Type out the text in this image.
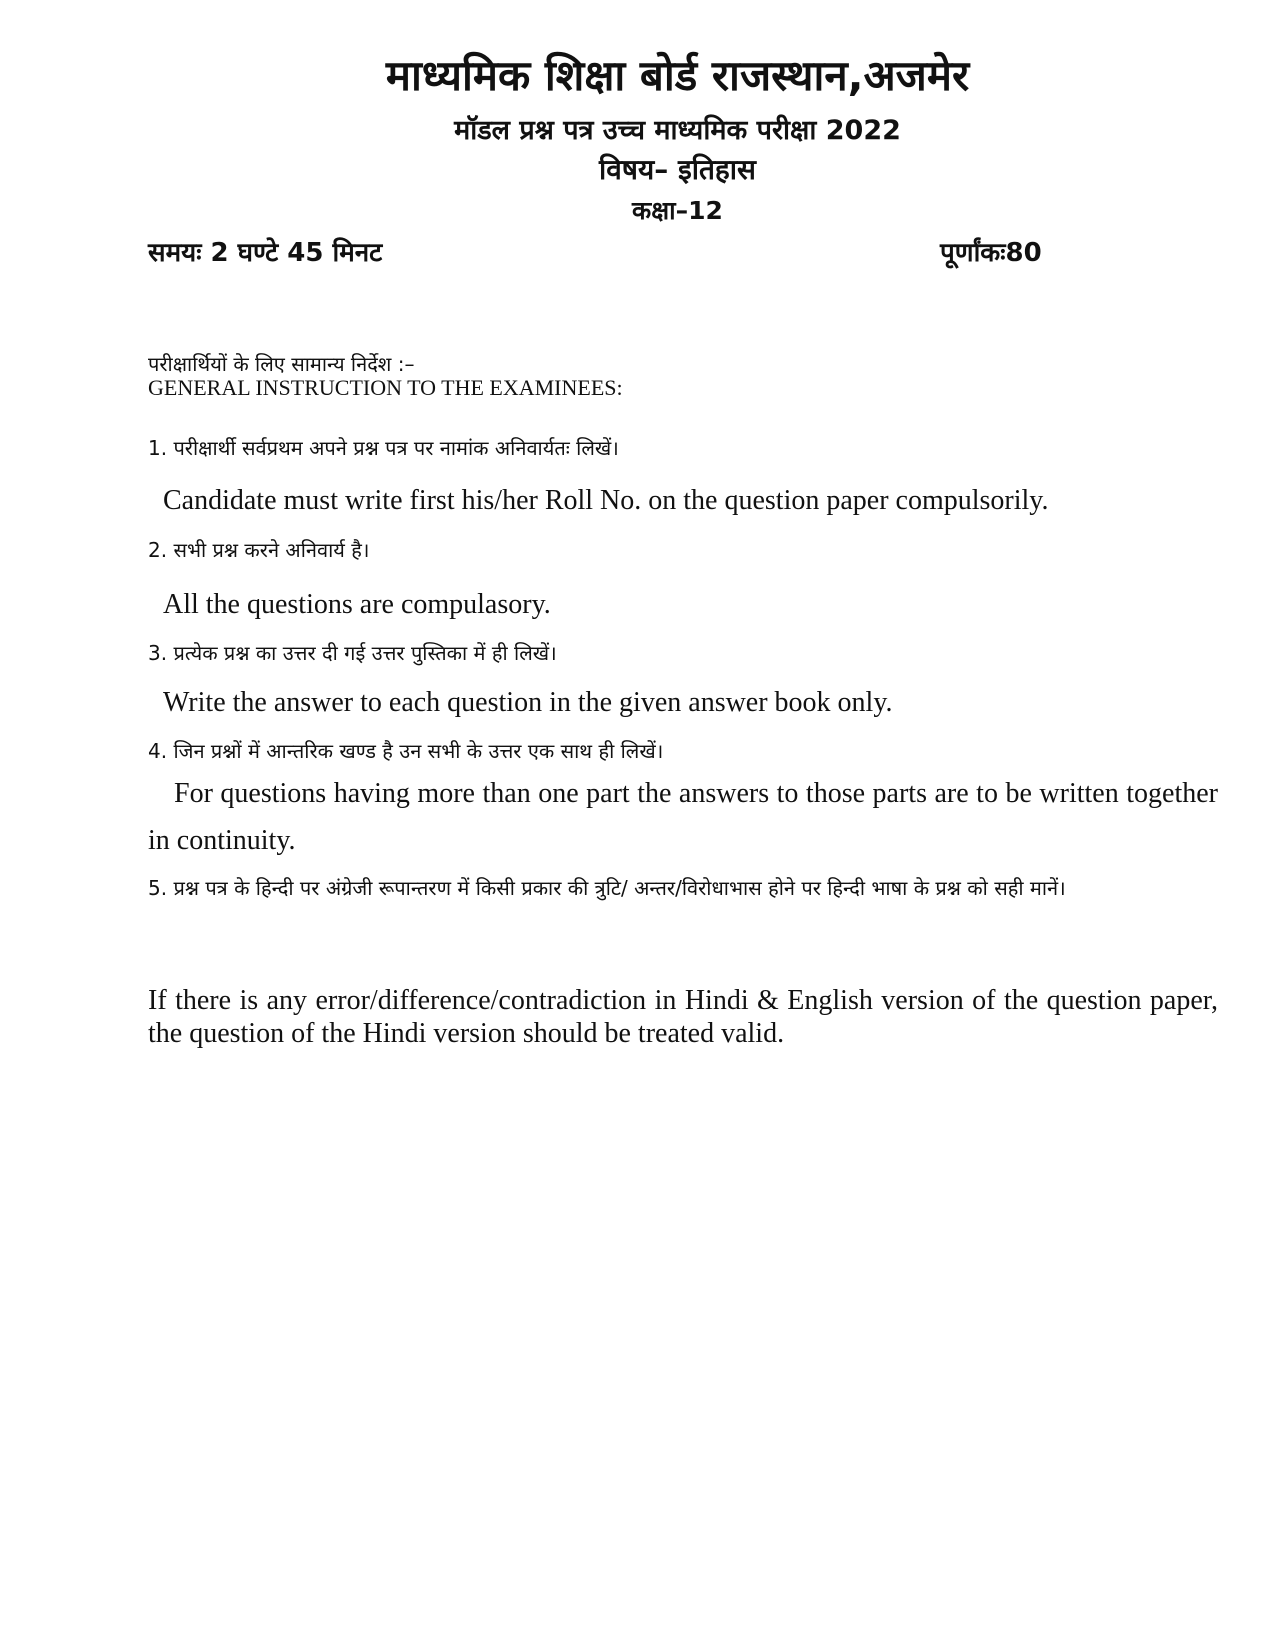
माध्यमिक शिक्षा बोर्ड राजस्थान,अजमेर
मॉडल प्रश्न पत्र उच्च माध्यमिक परीक्षा 2022
विषय– इतिहास
कक्षा–12
समयः 2 घण्टे 45 मिनट	पूर्णांकः80
परीक्षार्थियों के लिए सामान्य निर्देश :–
GENERAL INSTRUCTION TO THE EXAMINEES:
1. परीक्षार्थी सर्वप्रथम अपने प्रश्न पत्र पर नामांक अनिवार्यतः लिखें।
Candidate must write first his/her Roll No. on the question paper compulsorily.
2. सभी प्रश्न करने अनिवार्य है।
All the questions are compulasory.
3. प्रत्येक प्रश्न का उत्तर दी गई उत्तर पुस्तिका में ही लिखें।
Write the answer to each question in the given answer book only.
4. जिन प्रश्नों में आन्तरिक खण्ड है उन सभी के उत्तर एक साथ ही लिखें।
For questions having more than one part the answers to those parts are to be written together in continuity.
5. प्रश्न पत्र के हिन्दी पर अंग्रेजी रूपान्तरण में किसी प्रकार की त्रुटि/ अन्तर/विरोधाभास होने पर हिन्दी भाषा के प्रश्न को सही मानें।
If there is any error/difference/contradiction in Hindi & English version of the question paper, the question of the Hindi version should be treated valid.
